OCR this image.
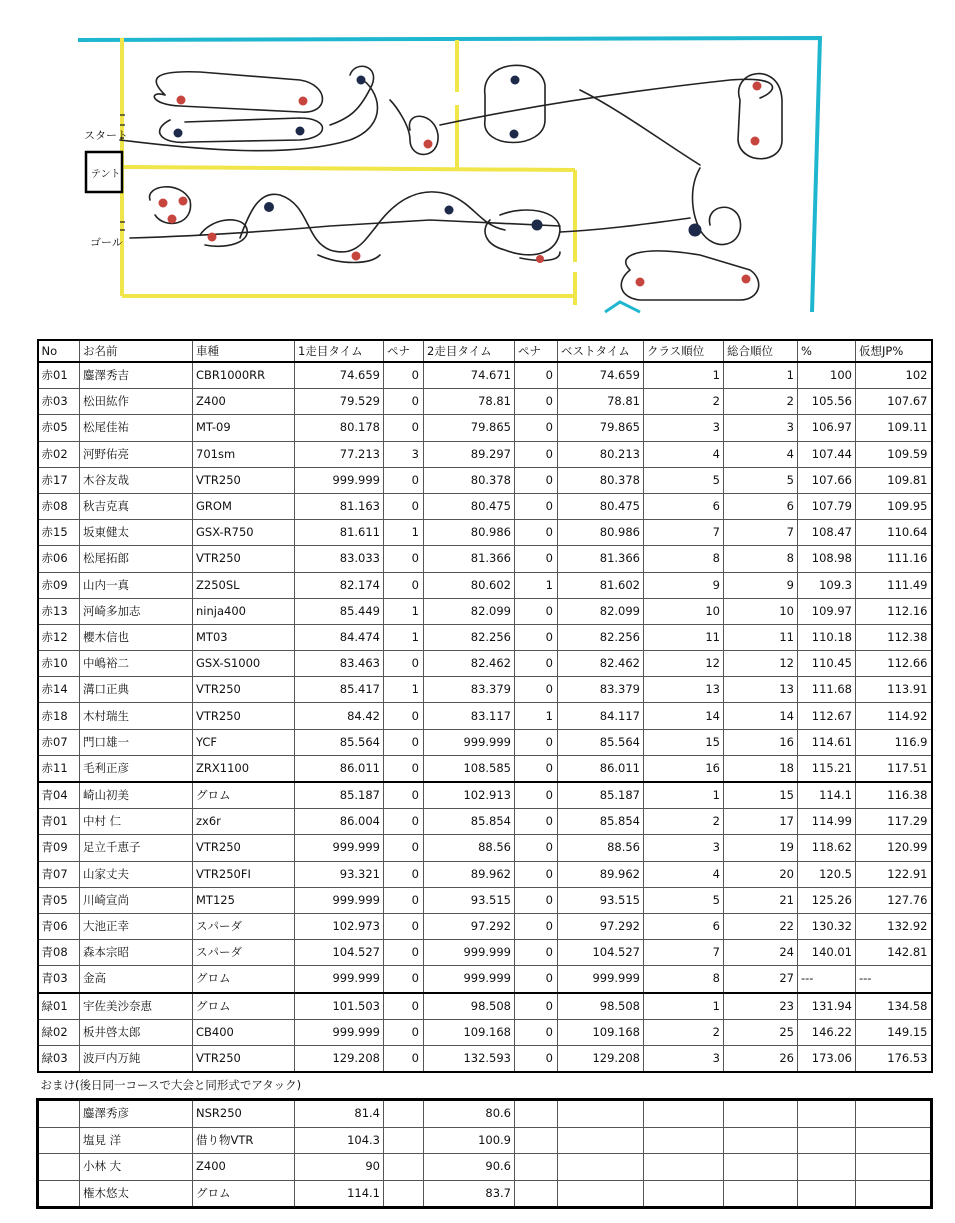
スタート
テント
ゴール
No	お名前	車種	1走目タイム	ペナ	2走目タイム	ペナ	ベストタイム	クラス順位	総合順位	%	仮想JP%
赤01	鏖澤秀吉	CBR1000RR	74.659	0	74.671	0	74.659	1	1	100	102
赤03	松田紘作	Z400	79.529	0	78.81	0	78.81	2	2	105.56	107.67
赤05	松尾佳祐	MT-09	80.178	0	79.865	0	79.865	3	3	106.97	109.11
赤02	河野佑亮	701sm	77.213	3	89.297	0	80.213	4	4	107.44	109.59
赤17	木谷友哉	VTR250	999.999	0	80.378	0	80.378	5	5	107.66	109.81
赤08	秋吉克真	GROM	81.163	0	80.475	0	80.475	6	6	107.79	109.95
赤15	坂東健太	GSX-R750	81.611	1	80.986	0	80.986	7	7	108.47	110.64
赤06	松尾拓郎	VTR250	83.033	0	81.366	0	81.366	8	8	108.98	111.16
赤09	山内一真	Z250SL	82.174	0	80.602	1	81.602	9	9	109.3	111.49
赤13	河崎多加志	ninja400	85.449	1	82.099	0	82.099	10	10	109.97	112.16
赤12	櫻木信也	MT03	84.474	1	82.256	0	82.256	11	11	110.18	112.38
赤10	中嶋裕二	GSX-S1000	83.463	0	82.462	0	82.462	12	12	110.45	112.66
赤14	溝口正典	VTR250	85.417	1	83.379	0	83.379	13	13	111.68	113.91
赤18	木村瑞生	VTR250	84.42	0	83.117	1	84.117	14	14	112.67	114.92
赤07	門口雄一	YCF	85.564	0	999.999	0	85.564	15	16	114.61	116.9
赤11	毛利正彦	ZRX1100	86.011	0	108.585	0	86.011	16	18	115.21	117.51
青04	崎山初美	グロム	85.187	0	102.913	0	85.187	1	15	114.1	116.38
青01	中村 仁	zx6r	86.004	0	85.854	0	85.854	2	17	114.99	117.29
青09	足立千恵子	VTR250	999.999	0	88.56	0	88.56	3	19	118.62	120.99
青07	山家丈夫	VTR250FI	93.321	0	89.962	0	89.962	4	20	120.5	122.91
青05	川崎宣尚	MT125	999.999	0	93.515	0	93.515	5	21	125.26	127.76
青06	大池正幸	スパーダ	102.973	0	97.292	0	97.292	6	22	130.32	132.92
青08	森本宗昭	スパーダ	104.527	0	999.999	0	104.527	7	24	140.01	142.81
青03	金高	グロム	999.999	0	999.999	0	999.999	8	27	---	---
緑01	宇佐美沙奈恵	グロム	101.503	0	98.508	0	98.508	1	23	131.94	134.58
緑02	板井啓太郎	CB400	999.999	0	109.168	0	109.168	2	25	146.22	149.15
緑03	波戸内万純	VTR250	129.208	0	132.593	0	129.208	3	26	173.06	176.53
おまけ(後日同一コースで大会と同形式でアタック)											
	鏖澤秀彦	NSR250	81.4		80.6						
	塩見 洋	借り物VTR	104.3		100.9						
	小林 大	Z400	90		90.6						
	権木悠太	グロム	114.1		83.7						
